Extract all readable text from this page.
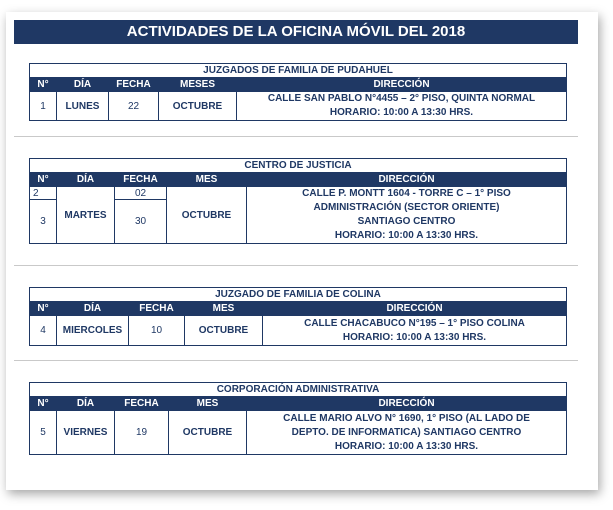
ACTIVIDADES DE LA OFICINA MÓVIL DEL 2018
JUZGADOS DE FAMILIA DE PUDAHUEL				
N°	DÍA	FECHA	MESES	DIRECCIÓN
1	LUNES	22	OCTUBRE	CALLE SAN PABLO N°4455 – 2° PISO, QUINTA NORMAL
HORARIO: 10:00 A 13:30 HRS.
CENTRO DE JUSTICIA				
N°	DÍA	FECHA	MES	DIRECCIÓN
2	MARTES	02	OCTUBRE	CALLE P. MONTT 1604 - TORRE C – 1° PISO
ADMINISTRACIÓN (SECTOR ORIENTE)
SANTIAGO CENTRO
HORARIO: 10:00 A 13:30 HRS.

3		30		
JUZGADO DE FAMILIA DE COLINA				
N°	DÍA	FECHA	MES	DIRECCIÓN
4	MIERCOLES	10	OCTUBRE	CALLE CHACABUCO N°195 – 1° PISO COLINA
HORARIO: 10:00 A 13:30 HRS.
CORPORACIÓN ADMINISTRATIVA				
N°	DÍA	FECHA	MES	DIRECCIÓN
5	VIERNES	19	OCTUBRE	CALLE MARIO ALVO N° 1690, 1° PISO (AL LADO DE
DEPTO. DE INFORMATICA) SANTIAGO CENTRO
HORARIO: 10:00 A 13:30 HRS.
